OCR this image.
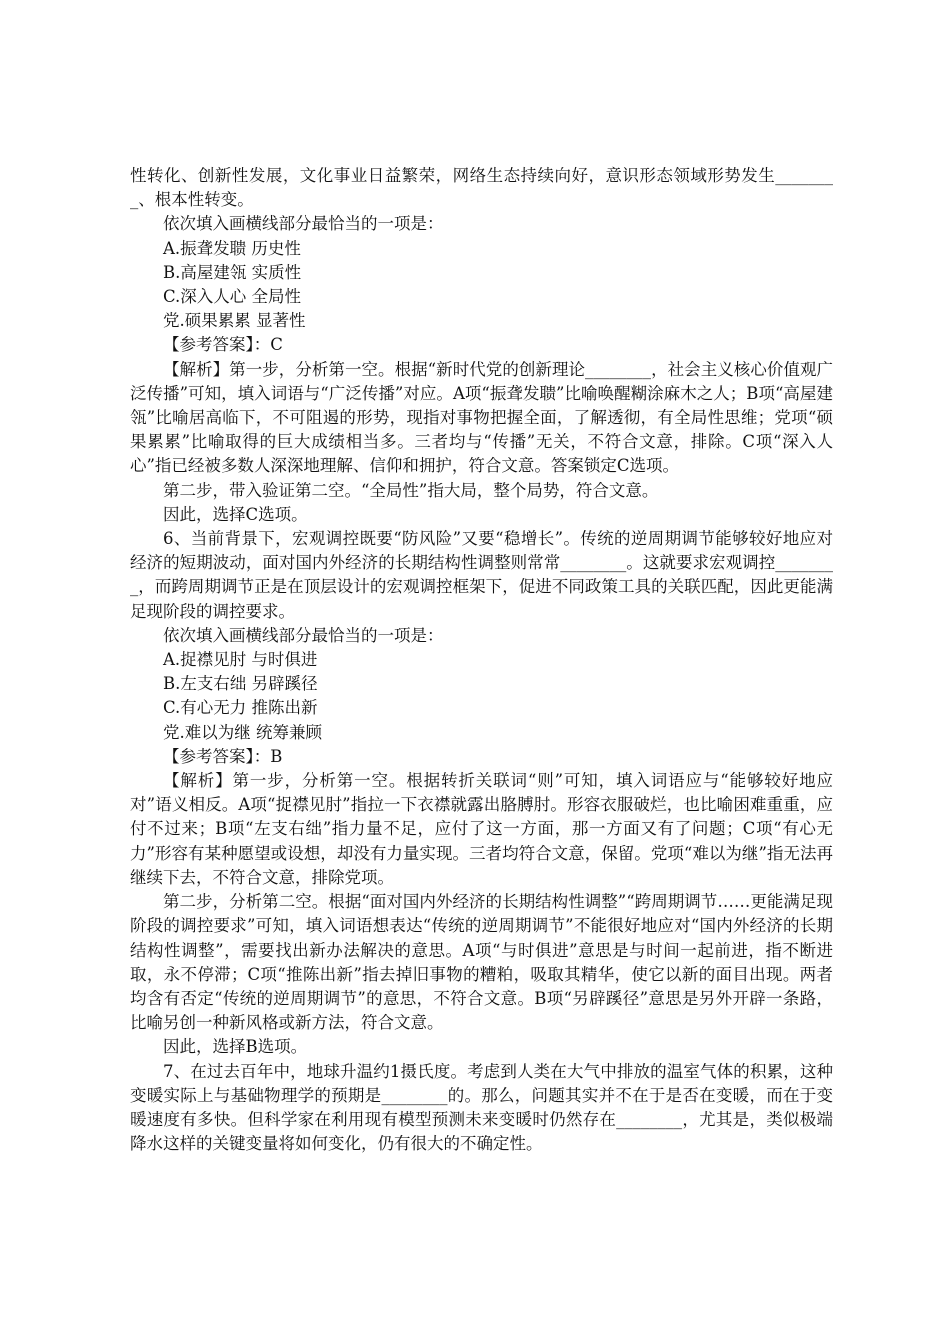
性转化、创新性发展，文化事业日益繁荣，网络生态持续向好，意识形态领域形势发生________、根本性转变。

依次填入画横线部分最恰当的一项是：

A.振聋发聩 历史性

B.高屋建瓴 实质性

C.深入人心 全局性

党.硕果累累 显著性

【参考答案】：C

【解析】第一步，分析第一空。根据“新时代党的创新理论________，社会主义核心价值观广泛传播”可知，填入词语与“广泛传播”对应。A项“振聋发聩”比喻唤醒糊涂麻木之人；B项“高屋建瓴”比喻居高临下，不可阻遏的形势，现指对事物把握全面，了解透彻，有全局性思维；党项“硕果累累”比喻取得的巨大成绩相当多。三者均与“传播”无关，不符合文意，排除。C项“深入人心”指已经被多数人深深地理解、信仰和拥护，符合文意。答案锁定C选项。

第二步，带入验证第二空。“全局性”指大局，整个局势，符合文意。

因此，选择C选项。

6、当前背景下，宏观调控既要“防风险”又要“稳增长”。传统的逆周期调节能够较好地应对经济的短期波动，面对国内外经济的长期结构性调整则常常________。这就要求宏观调控________，而跨周期调节正是在顶层设计的宏观调控框架下，促进不同政策工具的关联匹配，因此更能满足现阶段的调控要求。

依次填入画横线部分最恰当的一项是：

A.捉襟见肘 与时俱进

B.左支右绌 另辟蹊径

C.有心无力 推陈出新

党.难以为继 统筹兼顾

【参考答案】：B

【解析】第一步，分析第一空。根据转折关联词“则”可知，填入词语应与“能够较好地应对”语义相反。A项“捉襟见肘”指拉一下衣襟就露出胳膊肘。形容衣服破烂，也比喻困难重重，应付不过来；B项“左支右绌”指力量不足，应付了这一方面，那一方面又有了问题；C项“有心无力”形容有某种愿望或设想，却没有力量实现。三者均符合文意，保留。党项“难以为继”指无法再继续下去，不符合文意，排除党项。

第二步，分析第二空。根据“面对国内外经济的长期结构性调整”“跨周期调节……更能满足现阶段的调控要求”可知，填入词语想表达“传统的逆周期调节”不能很好地应对“国内外经济的长期结构性调整”，需要找出新办法解决的意思。A项“与时俱进”意思是与时间一起前进，指不断进取，永不停滞；C项“推陈出新”指去掉旧事物的糟粕，吸取其精华，使它以新的面目出现。两者均含有否定“传统的逆周期调节”的意思，不符合文意。B项“另辟蹊径”意思是另外开辟一条路，比喻另创一种新风格或新方法，符合文意。

因此，选择B选项。

7、在过去百年中，地球升温约1摄氏度。考虑到人类在大气中排放的温室气体的积累，这种变暖实际上与基础物理学的预期是________的。那么，问题其实并不在于是否在变暖，而在于变暖速度有多快。但科学家在利用现有模型预测未来变暖时仍然存在________，尤其是，类似极端降水这样的关键变量将如何变化，仍有很大的不确定性。
